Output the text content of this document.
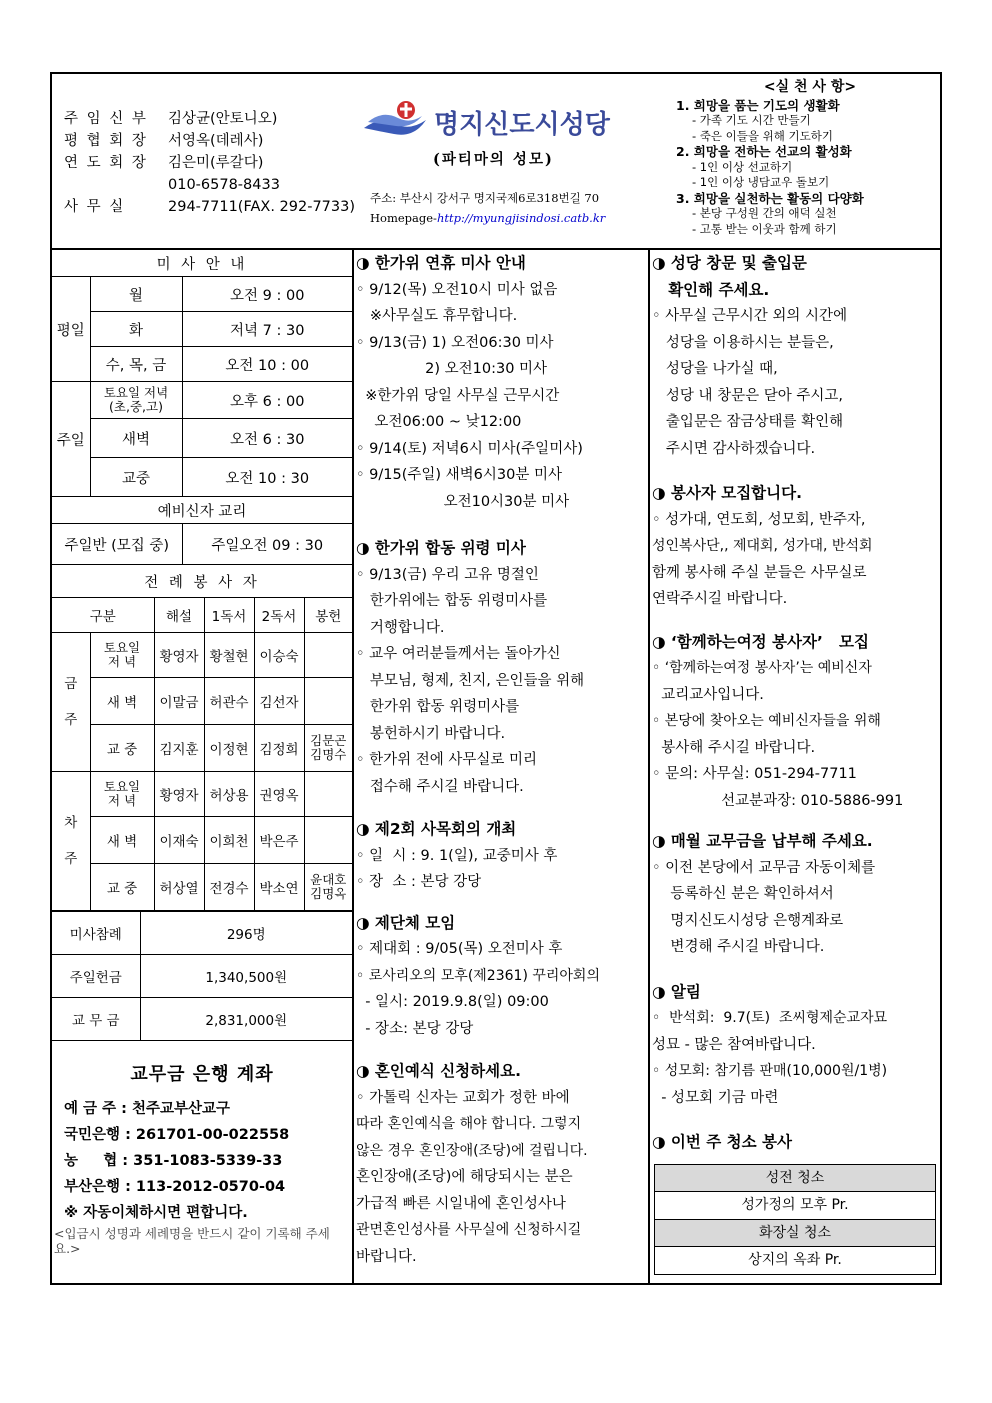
주 임 신 부	김상균(안토니오)
평 협 회 장	서영옥(데레사)
연 도 회 장	김은미(루갈다)
010-6578-8433
사 무 실	294-7711(FAX. 292-7733)
명지신도시성당
(파티마의 성모)
주소: 부산시 강서구 명지국제6로318번길 70
Homepage-http://myungjisindosi.catb.kr
<실 천 사 항>
1. 희망을 품는 기도의 생활화
- 가족 기도 시간 만들기
- 죽은 이들을 위해 기도하기
2. 희망을 전하는 선교의 활성화
- 1인 이상 선교하기
- 1인 이상 냉담교우 돌보기
3. 희망을 실천하는 활동의 다양화
- 본당 구성원 간의 애덕 실천
- 고통 받는 이웃과 함께 하기
미 사 안 내		
평일	월	오전 9 : 00
	화	저녁 7 : 30
	수, 목, 금	오전 10 : 00
주일	토요일 저녁
(초,중,고)	오후 6 : 00
	새벽	오전 6 : 30
	교중	오전 10 : 30
예비신자 교리		
주일반 (모집 중)		주일오전 09 : 30
전 례 봉 사 자					
구분		해설	1독서	2독서	봉헌
금

주	토요일
저 녁	황영자	황철현	이승숙	
	새 벽	이말금	허관수	김선자	
	교 중	김지훈	이정현	김정희	김문곤
김명수
차

주	토요일
저 녁	황영자	허상용	권영옥	
	새 벽	이재숙	이희천	박은주	
	교 중	허상열	전경수	박소연	윤대호
김명옥
미사참례	296명
주일헌금	1,340,500원
교 무 금	2,831,000원
교무금 은행 계좌
예 금 주 : 천주교부산교구
국민은행 : 261701-00-022558
농     협 : 351-1083-5339-33
부산은행 : 113-2012-0570-04
※ 자동이체하시면 편합니다.
<입금시 성명과 세례명을 반드시 같이 기록해 주세요.>
◑ 한가위 연휴 미사 안내
◦ 9/12(목) 오전10시 미사 없음
※사무실도 휴무합니다.
◦ 9/13(금) 1) 오전06:30 미사
2) 오전10:30 미사
※한가위 당일 사무실 근무시간
오전06:00 ~ 낮12:00
◦ 9/14(토) 저녁6시 미사(주일미사)
◦ 9/15(주일) 새벽6시30분 미사
오전10시30분 미사
◑ 한가위 합동 위령 미사
◦ 9/13(금) 우리 고유 명절인
한가위에는 합동 위령미사를
거행합니다.
◦ 교우 여러분들께서는 돌아가신
부모님, 형제, 친지, 은인들을 위해
한가위 합동 위령미사를
봉헌하시기 바랍니다.
◦ 한가위 전에 사무실로 미리
접수해 주시길 바랍니다.
◑ 제2회 사목회의 개최
◦ 일  시 : 9. 1(일), 교중미사 후
◦ 장  소 : 본당 강당
◑ 제단체 모임
◦ 제대회 : 9/05(목) 오전미사 후
◦ 로사리오의 모후(제2361) 꾸리아회의
- 일시: 2019.9.8(일) 09:00
- 장소: 본당 강당
◑ 혼인예식 신청하세요.
◦ 가톨릭 신자는 교회가 정한 바에
따라 혼인예식을 해야 합니다. 그렇지
않은 경우 혼인장애(조당)에 걸립니다.
혼인장애(조당)에 해당되시는 분은
가급적 빠른 시일내에 혼인성사나
관면혼인성사를 사무실에 신청하시길
바랍니다.
◑ 성당 창문 및 출입문
확인해 주세요.
◦ 사무실 근무시간 외의 시간에
성당을 이용하시는 분들은,
성당을 나가실 때,
성당 내 창문은 닫아 주시고,
출입문은 잠금상태를 확인해
주시면 감사하겠습니다.
◑ 봉사자 모집합니다.
◦ 성가대, 연도회, 성모회, 반주자,
성인복사단,, 제대회, 성가대, 반석회
함께 봉사해 주실 분들은 사무실로
연락주시길 바랍니다.
◑ ‘함께하는여정 봉사자’   모집
◦ ‘함께하는여정 봉사자’는 예비신자
교리교사입니다.
◦ 본당에 찾아오는 예비신자들을 위해
봉사해 주시길 바랍니다.
◦ 문의: 사무실: 051-294-7711
선교분과장: 010-5886-991
◑ 매월 교무금을 납부해 주세요.
◦ 이전 본당에서 교무금 자동이체를
등록하신 분은 확인하셔서
명지신도시성당 은행계좌로
변경해 주시길 바랍니다.
◑ 알림
◦  반석회:  9.7(토)  조씨형제순교자묘
성묘 - 많은 참여바랍니다.
◦ 성모회: 참기름 판매(10,000원/1병)
- 성모회 기금 마련
◑ 이번 주 청소 봉사
성전 청소
성가정의 모후 Pr.
화장실 청소
상지의 옥좌 Pr.
